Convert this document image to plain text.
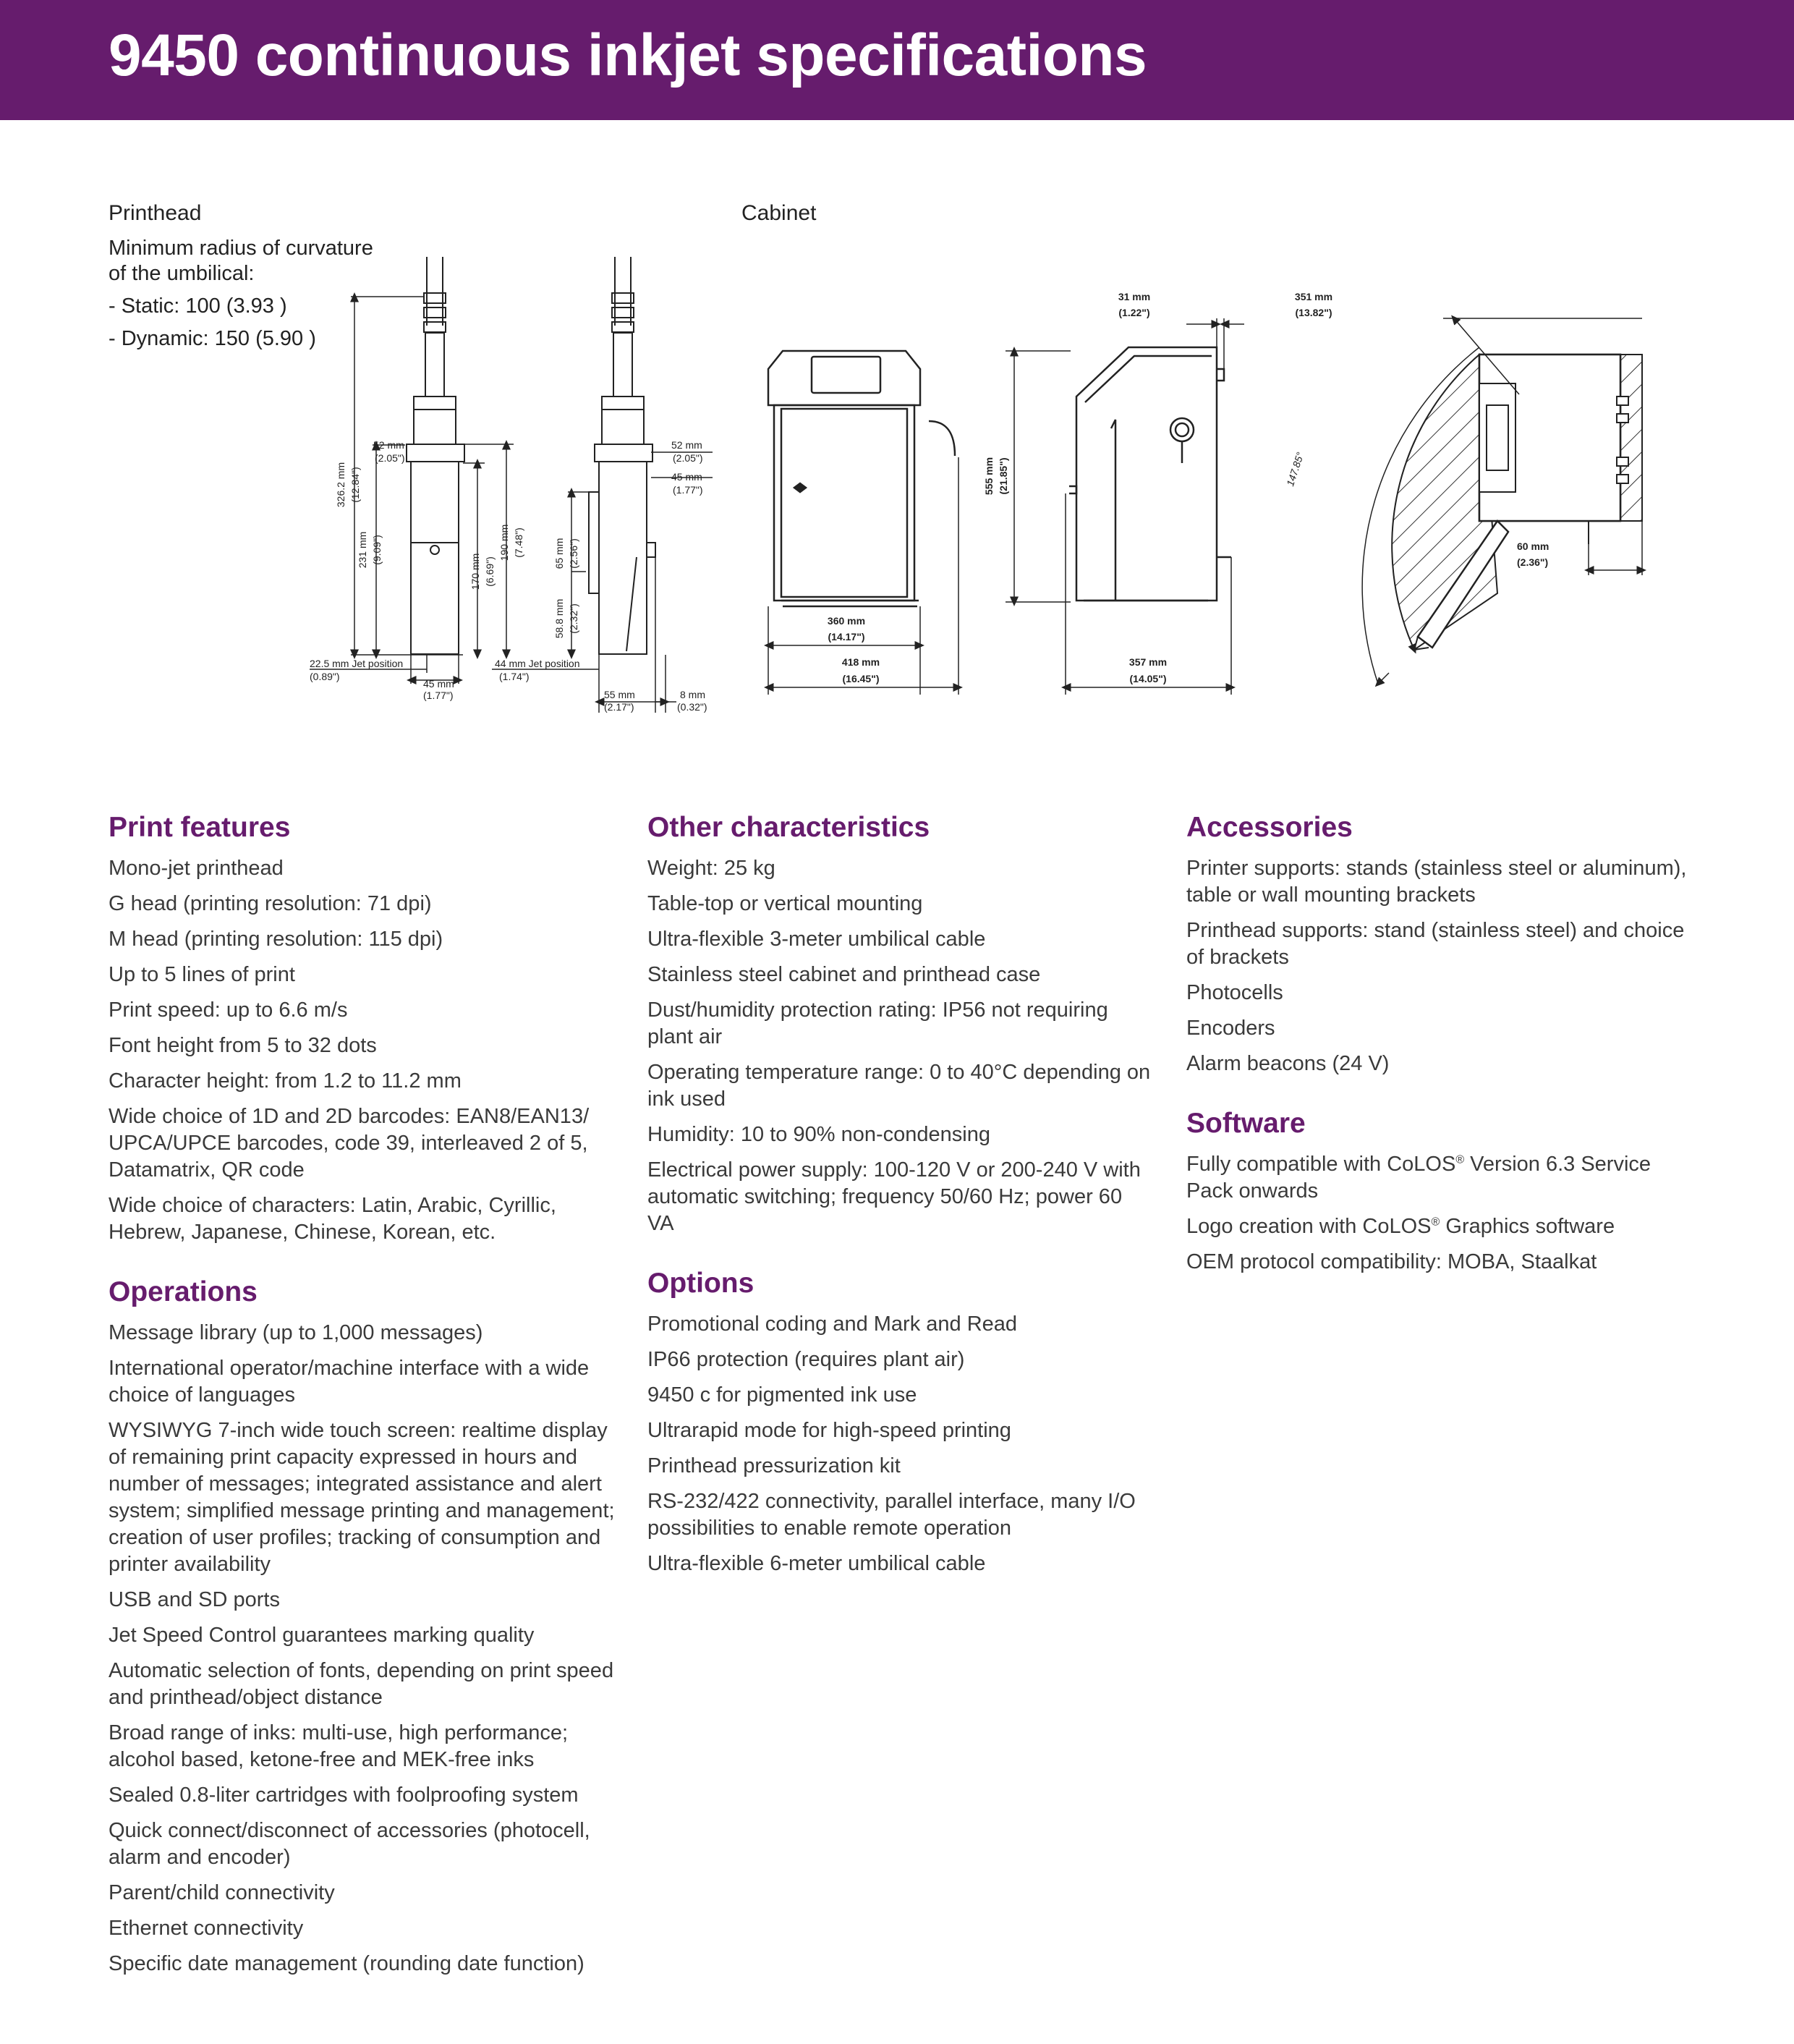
9450 continuous inkjet specifications

Printhead	Cabinet

Minimum radius of curvature
of the umbilical:
- Static: 100 (3.93 )
- Dynamic: 150 (5.90 )
326.2 mm (12.84")
231 mm (9.09")
52 mm
(2.05")
170 mm (6.69")
190 mm (7.48")
22.5 mm Jet position
(0.89")
45 mm
(1.77")
44 mm Jet position
(1.74")
52 mm
(2.05")
45 mm
(1.77")
65 mm (2.56")
58.8 mm (2.32")
55 mm
(2.17")
8 mm
(0.32")
360 mm
(14.17")
418 mm
(16.45")
31 mm
(1.22")
555 mm (21.85")
357 mm
(14.05")
351 mm
(13.82")
60 mm
(2.36")
147.85°
Print features

Mono-jet printhead

G head (printing resolution: 71 dpi)

M head (printing resolution: 115 dpi)

Up to 5 lines of print

Print speed: up to 6.6 m/s

Font height from 5 to 32 dots

Character height: from 1.2 to 11.2 mm

Wide choice of 1D and 2D barcodes: EAN8/EAN13/ UPCA/UPCE barcodes, code 39, interleaved 2 of 5, Datamatrix, QR code

Wide choice of characters: Latin, Arabic, Cyrillic, Hebrew, Japanese, Chinese, Korean, etc.

Operations

Message library (up to 1,000 messages)

International operator/machine interface with a wide choice of languages

WYSIWYG 7-inch wide touch screen: realtime display of remaining print capacity expressed in hours and number of messages; integrated assistance and alert system; simplified message printing and management; creation of user profiles; tracking of consumption and printer availability

USB and SD ports

Jet Speed Control guarantees marking quality

Automatic selection of fonts, depending on print speed and printhead/object distance

Broad range of inks: multi-use, high performance; alcohol based, ketone-free and MEK-free inks

Sealed 0.8-liter cartridges with foolproofing system

Quick connect/disconnect of accessories (photocell, alarm and encoder)

Parent/child connectivity

Ethernet connectivity

Specific date management (rounding date function)

Other characteristics

Weight: 25 kg

Table-top or vertical mounting

Ultra-flexible 3-meter umbilical cable

Stainless steel cabinet and printhead case

Dust/humidity protection rating: IP56 not requiring plant air

Operating temperature range: 0 to 40°C depending on ink used

Humidity: 10 to 90% non-condensing

Electrical power supply: 100-120 V or 200-240 V with automatic switching; frequency 50/60 Hz; power 60 VA

Options

Promotional coding and Mark and Read

IP66 protection (requires plant air)

9450 c for pigmented ink use

Ultrarapid mode for high-speed printing

Printhead pressurization kit

RS-232/422 connectivity, parallel interface, many I/O possibilities to enable remote operation

Ultra-flexible 6-meter umbilical cable

Accessories

Printer supports: stands (stainless steel or aluminum), table or wall mounting brackets

Printhead supports: stand (stainless steel) and choice of brackets

Photocells

Encoders

Alarm beacons (24 V)

Software

Fully compatible with CoLOS® Version 6.3 Service Pack onwards

Logo creation with CoLOS® Graphics software

OEM protocol compatibility: MOBA, Staalkat
